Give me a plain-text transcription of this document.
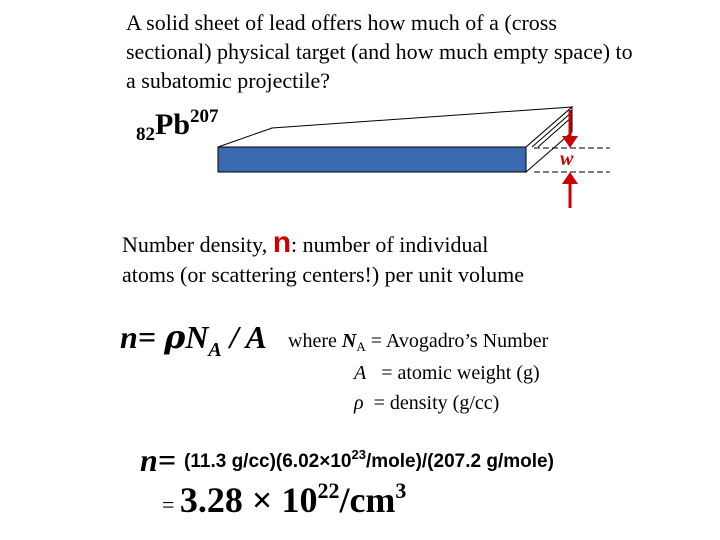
A solid sheet of lead offers how much of a (cross sectional) physical target (and how much empty space) to a subatomic projectile?
$_{82}Pb^{207}$
w
Number density, n: number of individual
atoms (or scattering centers!) per unit volume
$n= \rho N_A / A$ where $N_A$ = Avogadro’s Number
A   = atomic weight (g)
ρ  = density (g/cc)
n= (11.3 $g/cc)(6.02\times 10^{23}/mole)/(207.2$ g/mole)
= $3.28 \times 10^{22}/cm^3$
